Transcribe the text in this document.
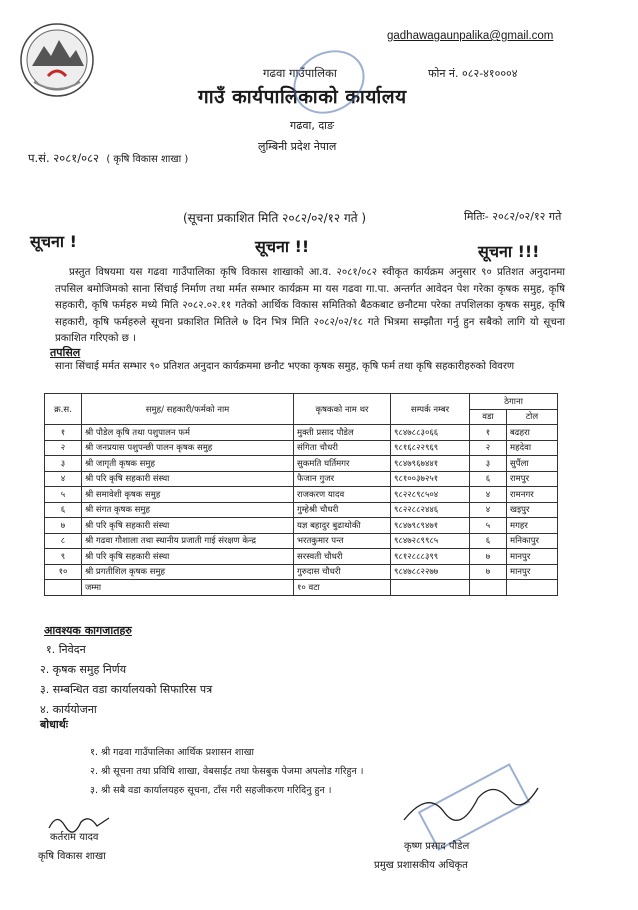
gadhawagaunpalika@gmail.com
फोन नं. ०८२-४१०००४
गढवा गाउँपालिका
गाउँ कार्यपालिकाको कार्यालय
गढवा, दाङ
लुम्बिनी प्रदेश नेपाल
प.सं. २०८१/०८२ ( कृषि विकास शाखा )
मितिः- २०८२/०२/१२ गते
(सूचना प्रकाशित मिति २०८२/०२/१२ गते )
सूचना !	सूचना !!	सूचना !!!

प्रस्तुत विषयमा यस गढवा गाउँपालिका कृषि विकास शाखाको आ.व. २०८१/०८२ स्वीकृत कार्यक्रम अनुसार ९० प्रतिशत अनुदानमा तपसिल बमोजिमको साना सिंचाई निर्माण तथा मर्मत सम्भार कार्यक्रम मा यस गढवा गा.पा. अन्तर्गत आवेदन पेश गरेका कृषक समुह, कृषि सहकारी, कृषि फर्महरु मध्ये मिति २०८२.०२.११ गतेको आर्थिक विकास समितिको बैठकबाट छनौटमा परेका तपशिलका कृषक समुह, कृषि सहकारी, कृषि फर्महरुले सूचना प्रकाशित मितिले ७ दिन भित्र मिति २०८२/०२/१८ गते भित्रमा सम्झौता गर्नु हुन सबैको लागि यो सूचना प्रकाशित गरिएको छ ।

तपसिल
साना सिंचाई मर्मत सम्भार ९० प्रतिशत अनुदान कार्यक्रममा छनौट भएका कृषक समुह, कृषि फर्म तथा कृषि सहकारीहरुको विवरण
क्र.स.	समुह/ सहकारी/फर्मको नाम	कृषकको नाम थर	सम्पर्क नम्बर	ठेगाना	
				वडा	टोल
१	श्री पौडेल कृषि तथा पशुपालन फर्म	मुक्ती प्रसाद पौडेल	९८४७८८३०६६	१	बढहरा
२	श्री जनप्रयास पशुपन्छी पालन कृषक समुह	संगिता चौधरी	९८१६८२२९६९	२	महदेवा
३	श्री जागृती कृषक समुह	सुकमति घर्तिमगर	९८४७९६७४४१	३	सुर्पैला
४	श्री परि कृषि सहकारी संस्था	फैजान गुजर	९८१००३७२५१	६	रामपुर
५	श्री समावेशी कृषक समुह	राजकरण यादव	९८२२८९८५०४	४	रामनगर
६	श्री संगत कृषक समुह	गुम्हेश्री चौधरी	९८२२८८२४४६	४	खइपुर
७	श्री परि कृषि सहकारी संस्था	यज्ञ बहादुर बुढाथोकी	९८४७९८९४७१	५	मगहर
८	श्री गढवा गौशाला तथा स्थानीय प्रजाती गाई संरक्षण केन्द्र	भरतकुमार पन्त	९८४७२८९९८५	६	मनिकापुर
९	श्री परि कृषि सहकारी संस्था	सरस्वती चौधरी	९८१२८८८३९९	७	मानपुर
१०	श्री प्रगतीशिल कृषक समुह	गुरुदास चौधरी	९८४७८८२२७७	७	मानपुर
	जम्मा	१० वटा			
आवश्यक कागजातहरु
१. निवेदन
२. कृषक समुह निर्णय
३. सम्बन्धित वडा कार्यालयको सिफारिस पत्र
४. कार्ययोजना
बोधार्थः
१. श्री गढवा गाउँपालिका आर्थिक प्रशासन शाखा
२. श्री सूचना तथा प्रविधि शाखा, वेबसाईट तथा फेसबुक पेजमा अपलोड गरिहुन ।
३. श्री सबै वडा कार्यालयहरु सूचना, टाँस गरी सहजीकरण गरिदिनु हुन ।
कर्तराम यादव
कृषि विकास शाखा
कृष्ण प्रसाद पौडेल
प्रमुख प्रशासकीय अधिकृत
